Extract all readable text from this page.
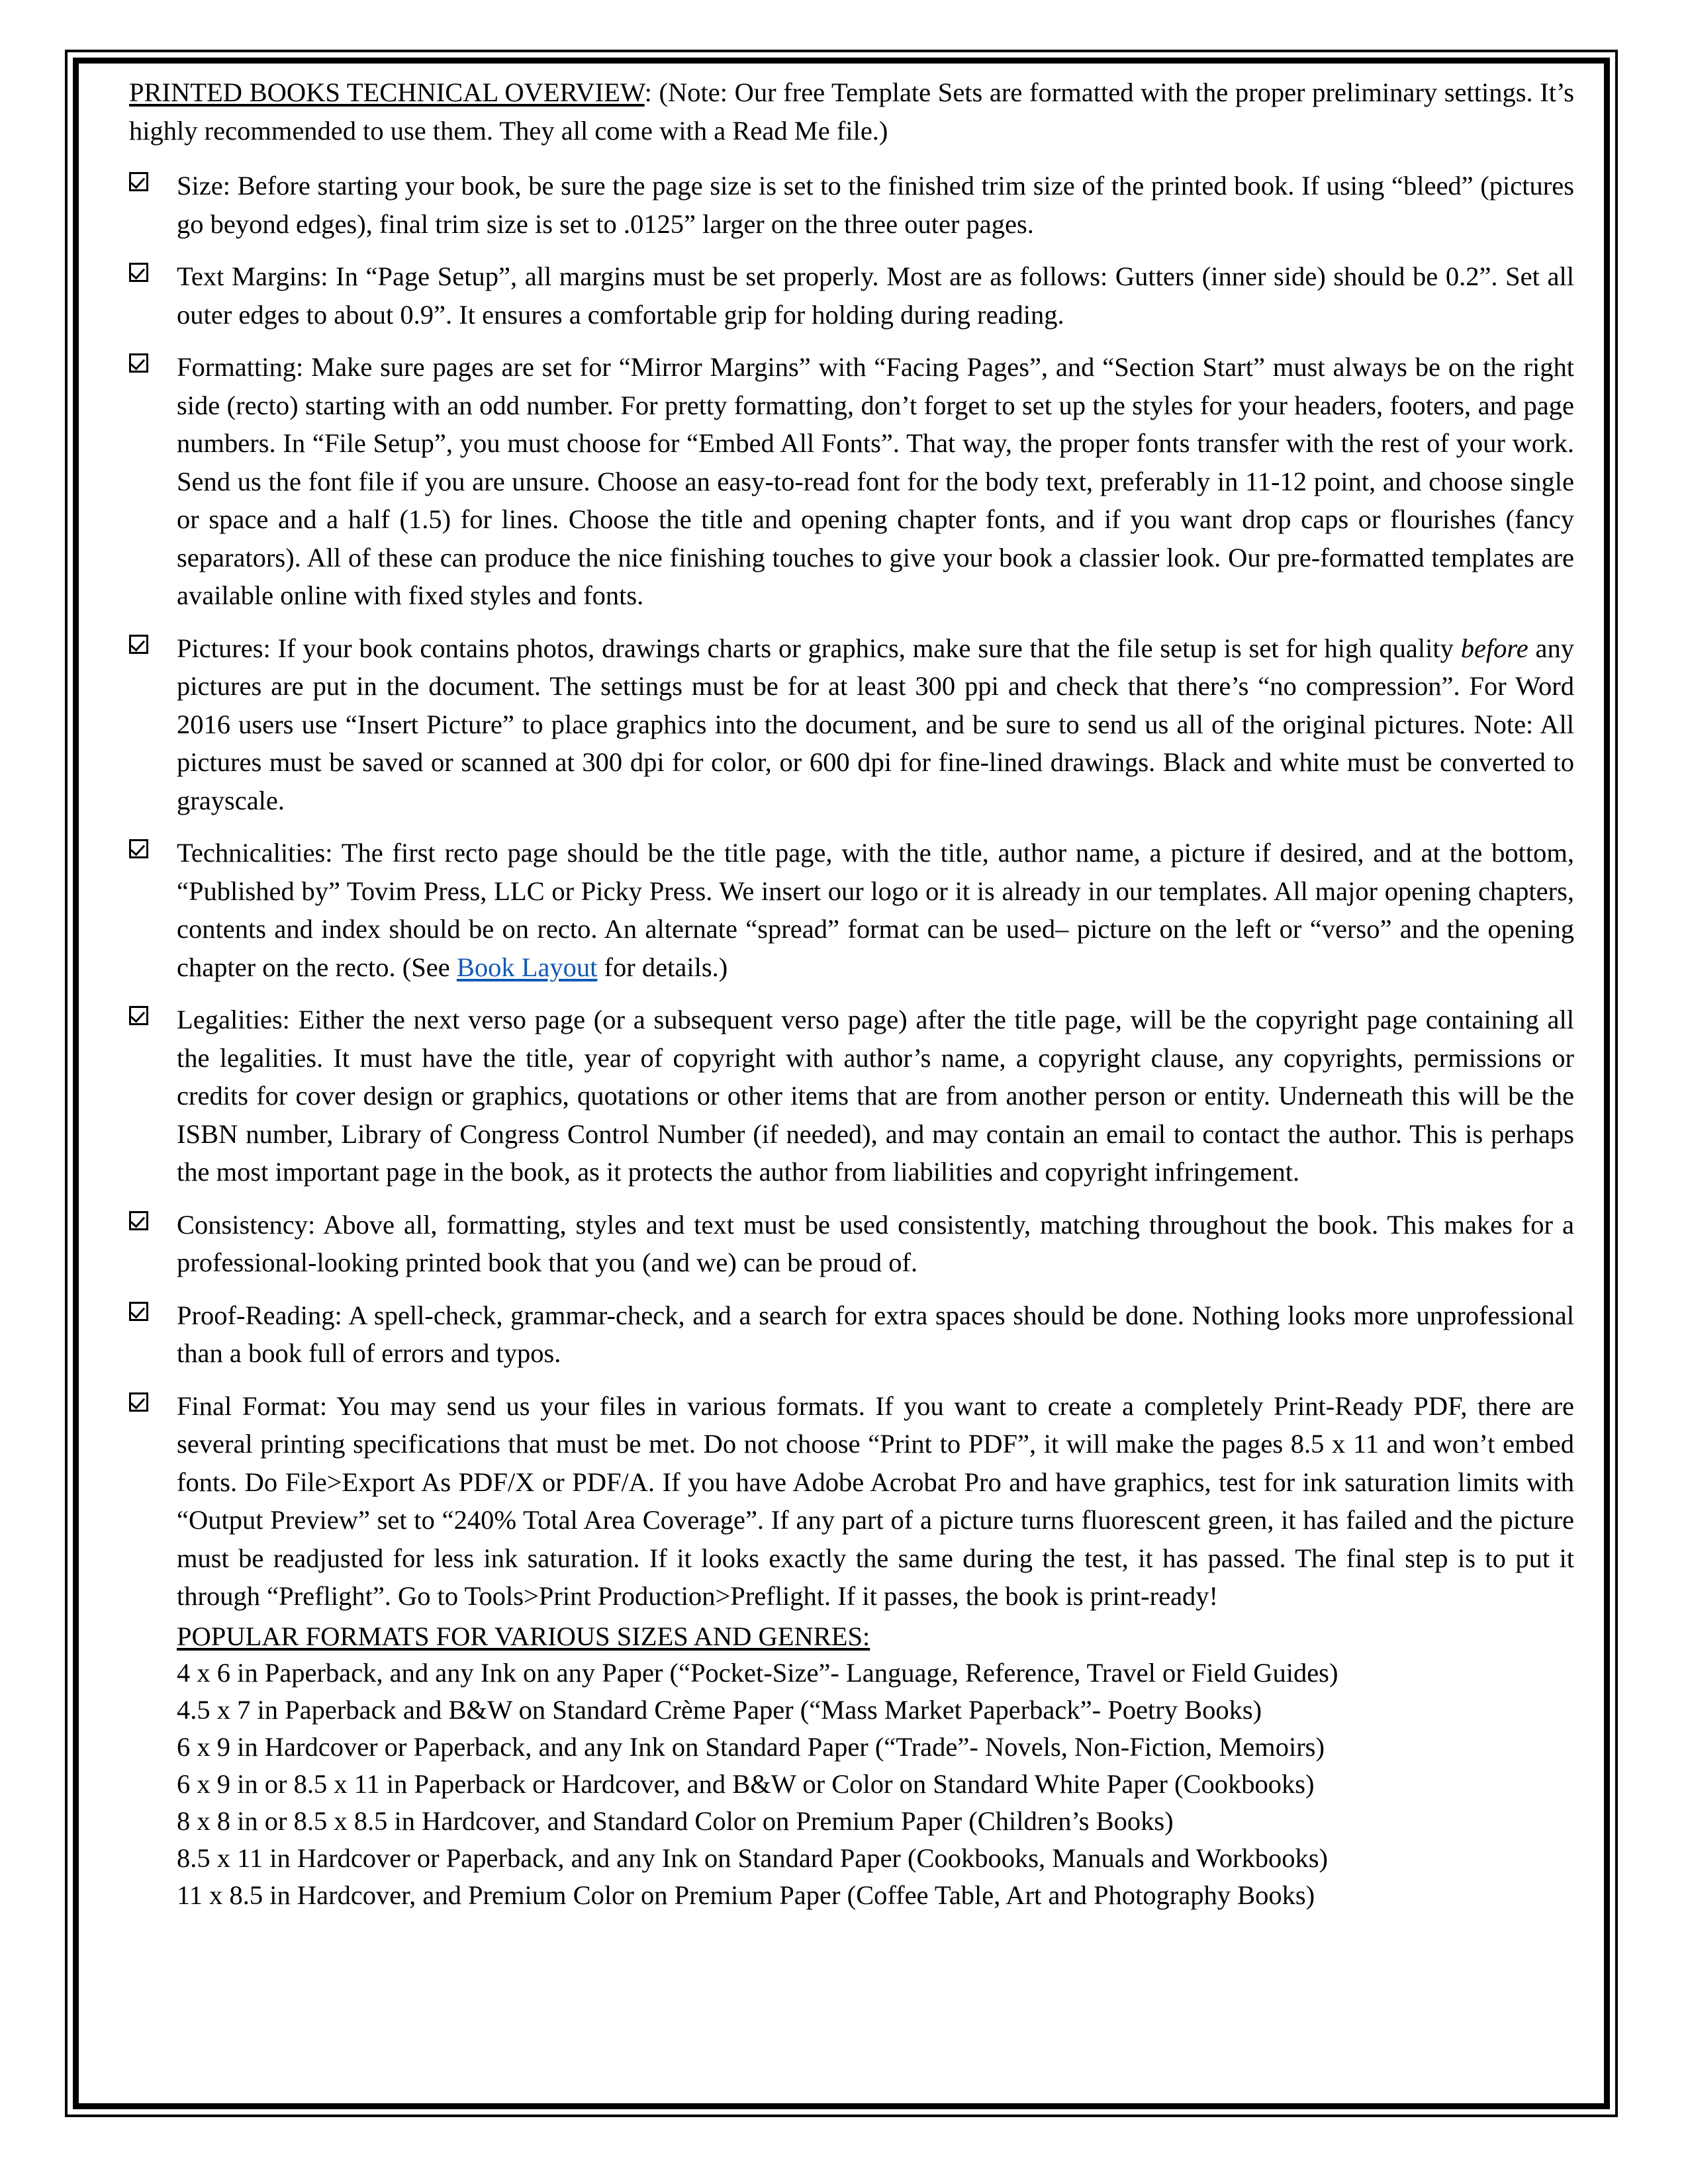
PRINTED BOOKS TECHNICAL OVERVIEW: (Note: Our free Template Sets are formatted with the proper preliminary settings. It’s highly recommended to use them. They all come with a Read Me file.)

Size: Before starting your book, be sure the page size is set to the finished trim size of the printed book. If using “bleed” (pictures go beyond edges), final trim size is set to .0125” larger on the three outer pages.
Text Margins: In “Page Setup”, all margins must be set properly. Most are as follows: Gutters (inner side) should be 0.2”. Set all outer edges to about 0.9”. It ensures a comfortable grip for holding during reading.
Formatting: Make sure pages are set for “Mirror Margins” with “Facing Pages”, and “Section Start” must always be on the right side (recto) starting with an odd number. For pretty formatting, don’t forget to set up the styles for your headers, footers, and page numbers. In “File Setup”, you must choose for “Embed All Fonts”. That way, the proper fonts transfer with the rest of your work. Send us the font file if you are unsure. Choose an easy-to-read font for the body text, preferably in 11-12 point, and choose single or space and a half (1.5) for lines. Choose the title and opening chapter fonts, and if you want drop caps or flourishes (fancy separators). All of these can produce the nice finishing touches to give your book a classier look. Our pre-formatted templates are available online with fixed styles and fonts.
Pictures: If your book contains photos, drawings charts or graphics, make sure that the file setup is set for high quality before any pictures are put in the document. The settings must be for at least 300 ppi and check that there’s “no compression”. For Word 2016 users use “Insert Picture” to place graphics into the document, and be sure to send us all of the original pictures. Note: All pictures must be saved or scanned at 300 dpi for color, or 600 dpi for fine-lined drawings. Black and white must be converted to grayscale.
Technicalities: The first recto page should be the title page, with the title, author name, a picture if desired, and at the bottom, “Published by” Tovim Press, LLC or Picky Press. We insert our logo or it is already in our templates. All major opening chapters, contents and index should be on recto. An alternate “spread” format can be used– picture on the left or “verso” and the opening chapter on the recto. (See Book Layout for details.)
Legalities: Either the next verso page (or a subsequent verso page) after the title page, will be the copyright page containing all the legalities. It must have the title, year of copyright with author’s name, a copyright clause, any copyrights, permissions or credits for cover design or graphics, quotations or other items that are from another person or entity. Underneath this will be the ISBN number, Library of Congress Control Number (if needed), and may contain an email to contact the author. This is perhaps the most important page in the book, as it protects the author from liabilities and copyright infringement.
Consistency: Above all, formatting, styles and text must be used consistently, matching throughout the book. This makes for a professional-looking printed book that you (and we) can be proud of.
Proof-Reading: A spell-check, grammar-check, and a search for extra spaces should be done. Nothing looks more unprofessional than a book full of errors and typos.
Final Format: You may send us your files in various formats. If you want to create a completely Print-Ready PDF, there are several printing specifications that must be met. Do not choose “Print to PDF”, it will make the pages 8.5 x 11 and won’t embed fonts. Do File>Export As PDF/X or PDF/A. If you have Adobe Acrobat Pro and have graphics, test for ink saturation limits with “Output Preview” set to “240% Total Area Coverage”. If any part of a picture turns fluorescent green, it has failed and the picture must be readjusted for less ink saturation. If it looks exactly the same during the test, it has passed. The final step is to put it through “Preflight”. Go to Tools>Print Production>Preflight. If it passes, the book is print-ready!
POPULAR FORMATS FOR VARIOUS SIZES AND GENRES:
4 x 6 in Paperback, and any Ink on any Paper (“Pocket-Size”- Language, Reference, Travel or Field Guides)
4.5 x 7 in Paperback and B&W on Standard Crème Paper (“Mass Market Paperback”- Poetry Books)
6 x 9 in Hardcover or Paperback, and any Ink on Standard Paper (“Trade”- Novels, Non-Fiction, Memoirs)
6 x 9 in or 8.5 x 11 in Paperback or Hardcover, and B&W or Color on Standard White Paper (Cookbooks)
8 x 8 in or 8.5 x 8.5 in Hardcover, and Standard Color on Premium Paper (Children’s Books)
8.5 x 11 in Hardcover or Paperback, and any Ink on Standard Paper (Cookbooks, Manuals and Workbooks)
11 x 8.5 in Hardcover, and Premium Color on Premium Paper (Coffee Table, Art and Photography Books)
